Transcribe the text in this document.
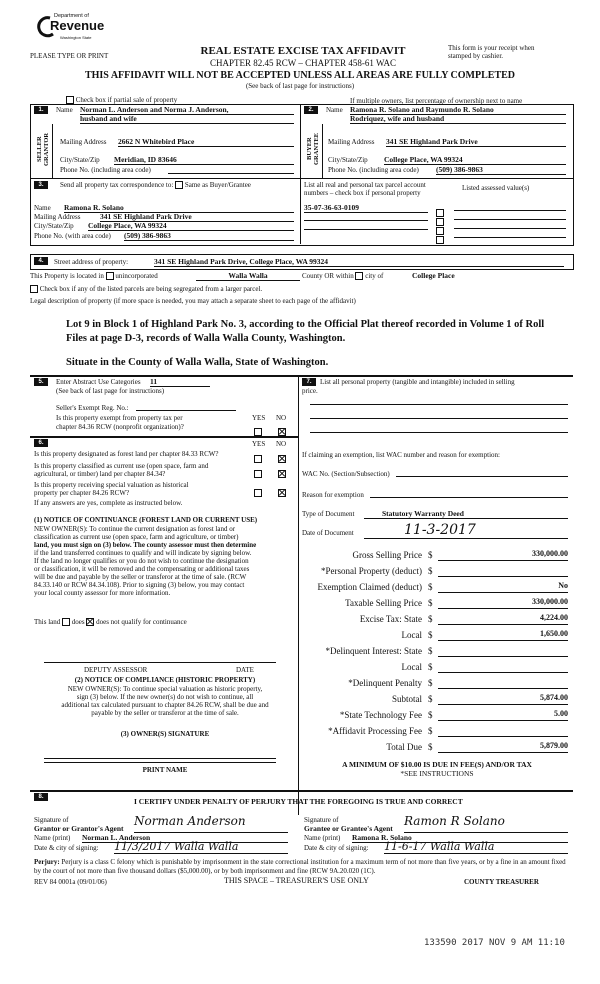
Department of
Revenue
Washington State
PLEASE TYPE OR PRINT	REAL ESTATE EXCISE TAX AFFIDAVIT
CHAPTER 82.45 RCW – CHAPTER 458-61 WAC
This form is your receipt when stamped by cashier.
THIS AFFIDAVIT WILL NOT BE ACCEPTED UNLESS ALL AREAS ARE FULLY COMPLETED
(See back of last page for instructions)
Check box if partial sale of property	If multiple owners, list percentage of ownership next to name
1.
SELLER GRANTOR
Name Norman L. Anderson and Norma J. Anderson,
husband and wife
Mailing Address 2662 N Whitebird Place
City/State/Zip Meridian, ID 83646
Phone No. (including area code)
2.
BUYER GRANTEE
Name Ramona R. Solano and Raymundo R. Solano
Rodriquez, wife and husband
Mailing Address 341 SE Highland Park Drive
City/State/Zip College Place, WA 99324
Phone No. (including area code) (509) 386-9863
3.	Send all property tax correspondence to: Same as Buyer/Grantee
Name Ramona R. Solano
Mailing Address	341 SE Highland Park Drive
City/State/Zip College Place, WA 99324
Phone No. (with area code) (509) 386-9863
List all real and personal tax parcel account numbers – check box if personal property
Listed assessed value(s)
35-07-36-63-0109
4.	Street address of property:	341 SE Highland Park Drive, College Place, WA 99324
This Property is located in unincorporated	Walla Walla	County OR within city of	College Place
Check box if any of the listed parcels are being segregated from a larger parcel.
Legal description of property (if more space is needed, you may attach a separate sheet to each page of the affidavit)
Lot 9 in Block 1 of Highland Park No. 3, according to the Official Plat thereof recorded in Volume 1 of Roll Files at page D-3, records of Walla Walla County, Washington.
Situate in the County of Walla Walla, State of Washington.
5.	Enter Abstract Use Categories 11
(See back of last page for instructions)
Seller's Exempt Reg. No.:
YES NO
Is this property exempt from property tax per
chapter 84.36 RCW (nonprofit organization)?
6.	YES NO
Is this property designated as forest land per chapter 84.33 RCW?
Is this property classified as current use (open space, farm and
agricultural, or timber) land per chapter 84.34?
Is this property receiving special valuation as historical
property per chapter 84.26 RCW?
If any answers are yes, complete as instructed below.
(1) NOTICE OF CONTINUANCE (FOREST LAND OR CURRENT USE)
NEW OWNER(S): To continue the current designation as forest land or
classification as current use (open space, farm and agriculture, or timber)
land, you must sign on (3) below. The county assessor must then determine
if the land transferred continues to qualify and will indicate by signing below.
If the land no longer qualifies or you do not wish to continue the designation
or classification, it will be removed and the compensating or additional taxes
will be due and payable by the seller or transferor at the time of sale. (RCW
84.33.140 or RCW 84.34.108). Prior to signing (3) below, you may contact
your local county assessor for more information.
This land does does not qualify for continuance
DEPUTY ASSESSOR	DATE
(2) NOTICE OF COMPLIANCE (HISTORIC PROPERTY)
NEW OWNER(S): To continue special valuation as historic property,
sign (3) below. If the new owner(s) do not wish to continue, all
additional tax calculated pursuant to chapter 84.26 RCW, shall be due and
payable by the seller or transferor at the time of sale.
(3) OWNER(S) SIGNATURE
PRINT NAME
7.	List all personal property (tangible and intangible) included in selling
price.
If claiming an exemption, list WAC number and reason for exemption:
WAC No. (Section/Subsection)
Reason for exemption
Type of Document	Statutory Warranty Deed
Date of Document	11-3-2017
Gross Selling Price $	330,000.00
*Personal Property (deduct) $
Exemption Claimed (deduct) $	No
Taxable Selling Price $	330,000.00
Excise Tax: State $	4,224.00
Local $	1,650.00
*Delinquent Interest: State $
Local $
*Delinquent Penalty $
Subtotal $	5,874.00
*State Technology Fee $	5.00
*Affidavit Processing Fee $
Total Due $	5,879.00
A MINIMUM OF $10.00 IS DUE IN FEE(S) AND/OR TAX
*SEE INSTRUCTIONS
8.	I CERTIFY UNDER PENALTY OF PERJURY THAT THE FOREGOING IS TRUE AND CORRECT
Signature of
Grantor or Grantor's Agent
Norman Anderson
Name (print) Norman L. Anderson
Date & city of signing: 11/3/2017 Walla Walla
Signature of
Grantee or Grantee's Agent
Ramon R Solano
Name (print) Ramona R. Solano
Date & city of signing: 11-6-17 Walla Walla
Perjury: Perjury is a class C felony which is punishable by imprisonment in the state correctional institution for a maximum term of not more than five years, or by a fine in an amount fixed by the court of not more than five thousand dollars ($5,000.00), or by both imprisonment and fine (RCW 9A.20.020 (1C).
REV 84 0001a (09/01/06)	THIS SPACE – TREASURER'S USE ONLY	COUNTY TREASURER
133590 2017 NOV 9 AM 11:10
